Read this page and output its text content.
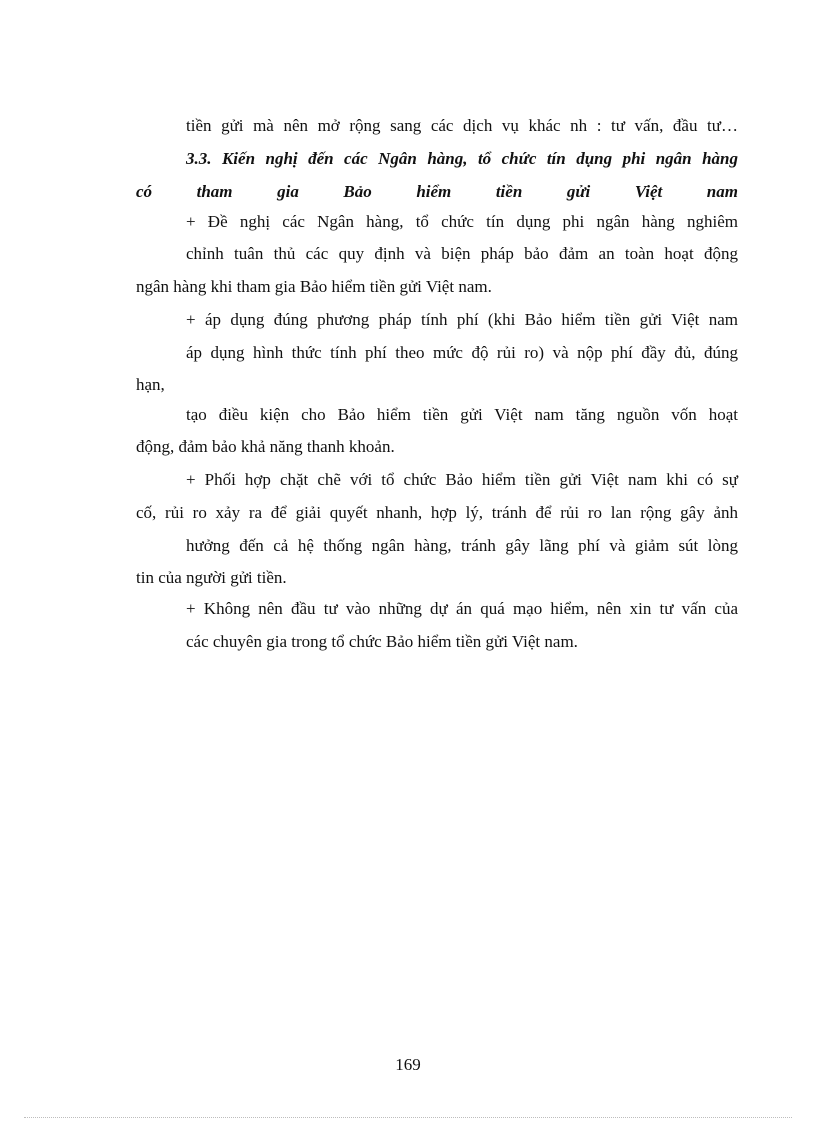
tiền gửi mà nên mở rộng sang các dịch vụ khác nh : tư vấn, đầu tư…
3.3. Kiến nghị đến các Ngân hàng, tổ chức tín dụng phi ngân hàng
có tham gia Bảo hiểm tiền gửi Việt nam
+ Đề nghị các Ngân hàng, tổ chức tín dụng phi ngân hàng nghiêm
chỉnh tuân thủ các quy định và biện pháp bảo đảm an toàn hoạt động
ngân hàng khi tham gia Bảo hiểm tiền gửi Việt nam.
+ áp dụng đúng phương pháp tính phí (khi Bảo hiểm tiền gửi Việt nam
áp dụng hình thức tính phí theo mức độ rủi ro) và nộp phí đầy đủ, đúng
hạn,
tạo điều kiện cho Bảo hiểm tiền gửi Việt nam tăng nguồn vốn hoạt
động, đảm bảo khả năng thanh khoản.
+ Phối hợp chặt chẽ với tổ chức Bảo hiểm tiền gửi Việt nam khi có sự
cố, rủi ro xảy ra để giải quyết nhanh, hợp lý, tránh để rủi ro lan rộng gây ảnh
hưởng đến cả hệ thống ngân hàng, tránh gây lãng phí và giảm sút lòng
tin của người gửi tiền.
+ Không nên đầu tư vào những dự án quá mạo hiểm, nên xin tư vấn của
các chuyên gia trong tổ chức Bảo hiểm tiền gửi Việt nam.
169
